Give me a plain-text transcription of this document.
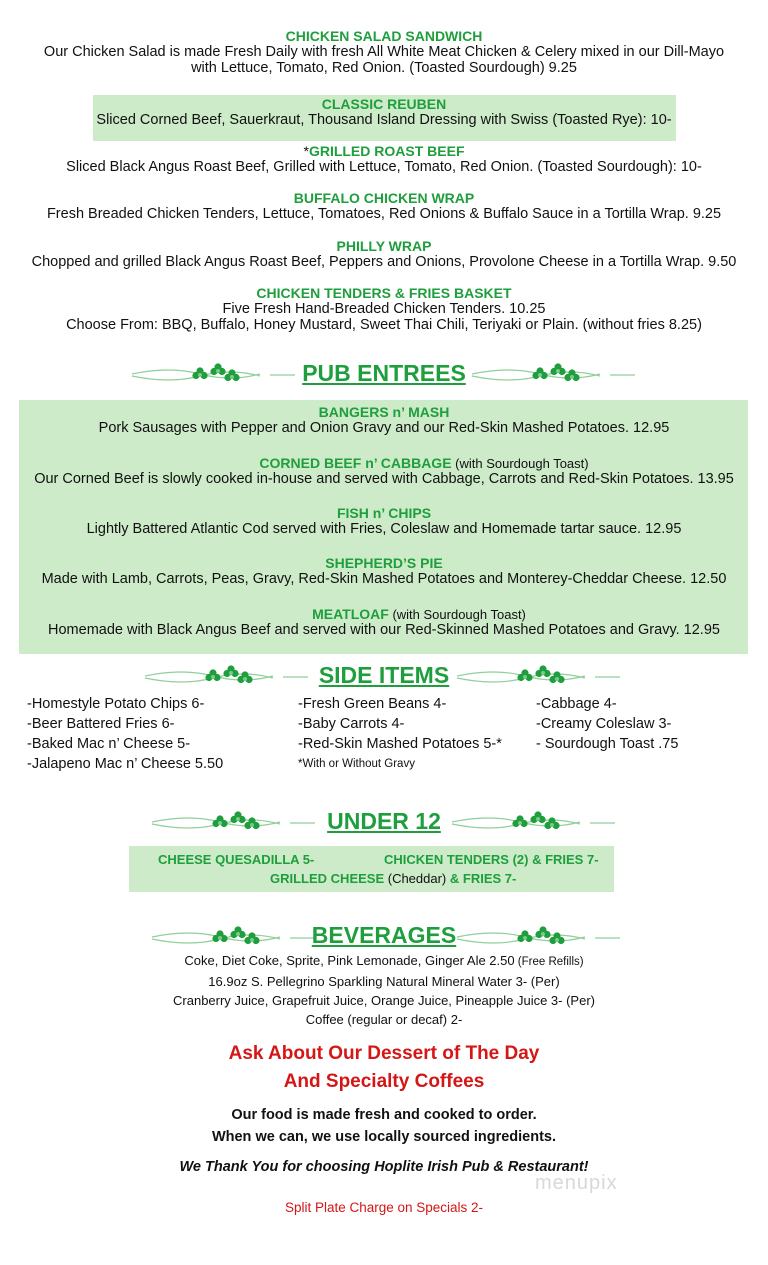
CHICKEN SALAD SANDWICH
Our Chicken Salad is made Fresh Daily with fresh All White Meat Chicken & Celery mixed in our Dill-Mayo
with Lettuce, Tomato, Red Onion. (Toasted Sourdough) 9.25
CLASSIC REUBEN
Sliced Corned Beef, Sauerkraut, Thousand Island Dressing with Swiss (Toasted Rye): 10-
*GRILLED ROAST BEEF
Sliced Black Angus Roast Beef, Grilled with Lettuce, Tomato, Red Onion. (Toasted Sourdough): 10-
BUFFALO CHICKEN WRAP
Fresh Breaded Chicken Tenders, Lettuce, Tomatoes, Red Onions & Buffalo Sauce in a Tortilla Wrap. 9.25
PHILLY WRAP
Chopped and grilled Black Angus Roast Beef, Peppers and Onions, Provolone Cheese in a Tortilla Wrap. 9.50
CHICKEN TENDERS & FRIES BASKET
Five Fresh Hand-Breaded Chicken Tenders. 10.25
Choose From: BBQ, Buffalo, Honey Mustard, Sweet Thai Chili, Teriyaki or Plain. (without fries 8.25)
PUB ENTREES
BANGERS n’ MASH
Pork Sausages with Pepper and Onion Gravy and our Red-Skin Mashed Potatoes. 12.95
CORNED BEEF n’ CABBAGE (with Sourdough Toast)
Our Corned Beef is slowly cooked in-house and served with Cabbage, Carrots and Red-Skin Potatoes. 13.95
FISH n’ CHIPS
Lightly Battered Atlantic Cod served with Fries, Coleslaw and Homemade tartar sauce. 12.95
SHEPHERD’S PIE
Made with Lamb, Carrots, Peas, Gravy, Red-Skin Mashed Potatoes and Monterey-Cheddar Cheese. 12.50
MEATLOAF (with Sourdough Toast)
Homemade with Black Angus Beef and served with our Red-Skinned Mashed Potatoes and Gravy. 12.95
SIDE ITEMS
-Homestyle Potato Chips 6-
-Beer Battered Fries 6-
-Baked Mac n’ Cheese 5-
-Jalapeno Mac n’ Cheese 5.50
-Fresh Green Beans 4-
-Baby Carrots 4-
-Red-Skin Mashed Potatoes 5-*
*With or Without Gravy
-Cabbage 4-
-Creamy Coleslaw 3-
- Sourdough Toast .75
UNDER 12
CHEESE QUESADILLA 5-	CHICKEN TENDERS (2) & FRIES 7-
GRILLED CHEESE (Cheddar) & FRIES 7-
BEVERAGES
Coke, Diet Coke, Sprite, Pink Lemonade, Ginger Ale 2.50 (Free Refills)
16.9oz S. Pellegrino Sparkling Natural Mineral Water 3- (Per)
Cranberry Juice, Grapefruit Juice, Orange Juice, Pineapple Juice 3- (Per)
Coffee (regular or decaf) 2-
Ask About Our Dessert of The Day
And Specialty Coffees
Our food is made fresh and cooked to order.
When we can, we use locally sourced ingredients.
We Thank You for choosing Hoplite Irish Pub & Restaurant!
menupix
Split Plate Charge on Specials 2-
